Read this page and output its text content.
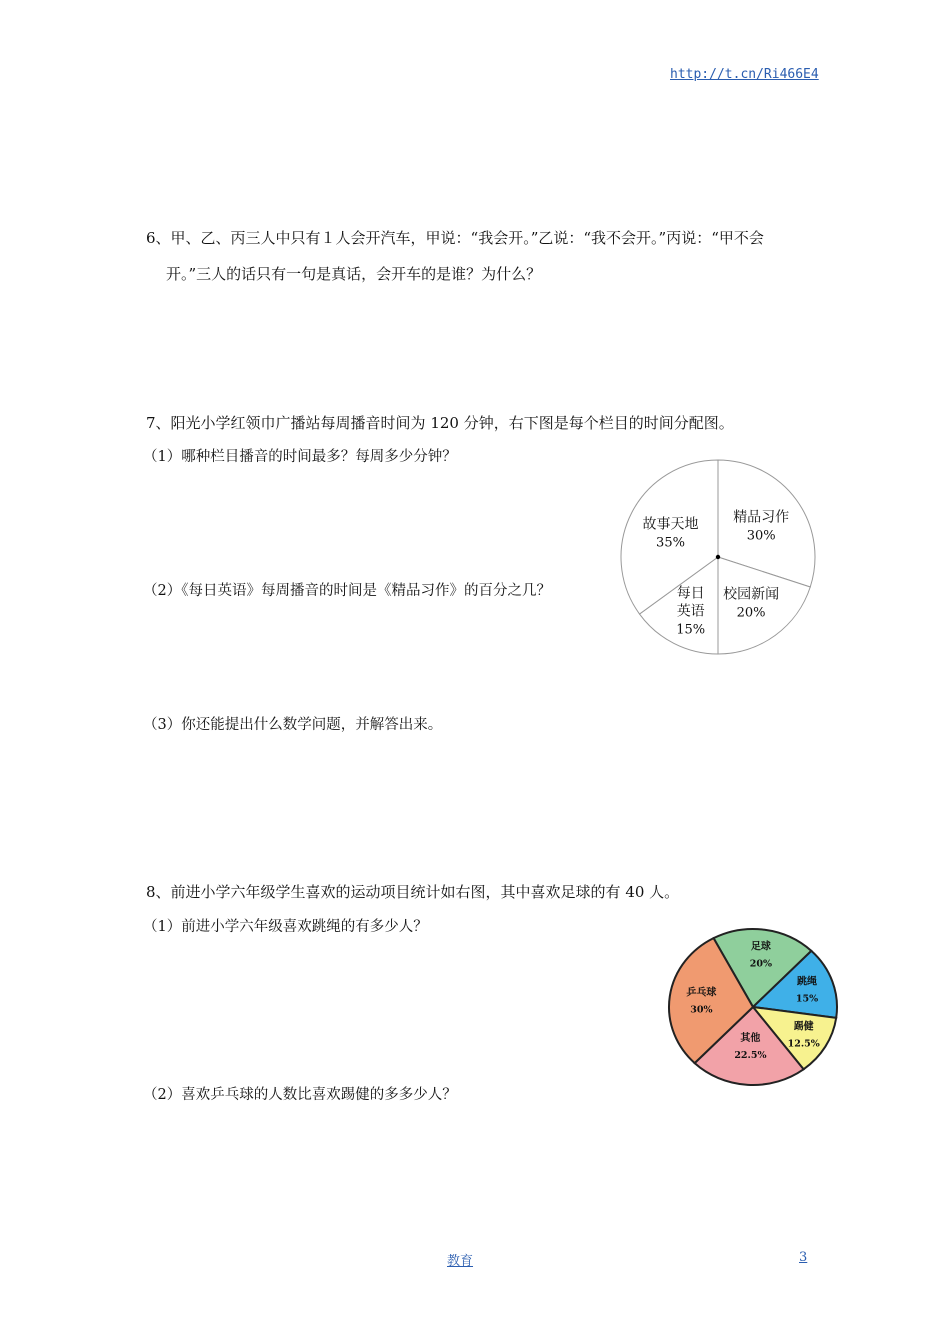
http://t.cn/Ri466E4
6、甲、乙、丙三人中只有１人会开汽车，甲说：“我会开。”乙说：“我不会开。”丙说：“甲不会
开。”三人的话只有一句是真话，会开车的是谁？为什么？
7、阳光小学红领巾广播站每周播音时间为 120 分钟，右下图是每个栏目的时间分配图。
（1）哪种栏目播音的时间最多？每周多少分钟？
（2）《每日英语》每周播音的时间是《精品习作》的百分之几？
（3）你还能提出什么数学问题，并解答出来。
精品习作
30%
校园新闻
20%
每日
英语
15%
故事天地
35%
8、前进小学六年级学生喜欢的运动项目统计如右图，其中喜欢足球的有 40 人。
（1）前进小学六年级喜欢跳绳的有多少人？
（2）喜欢乒乓球的人数比喜欢踢健的多多少人？
足球
20%
跳绳
15%
踢健
12.5%
其他
22.5%
乒乓球
30%
教育	3
